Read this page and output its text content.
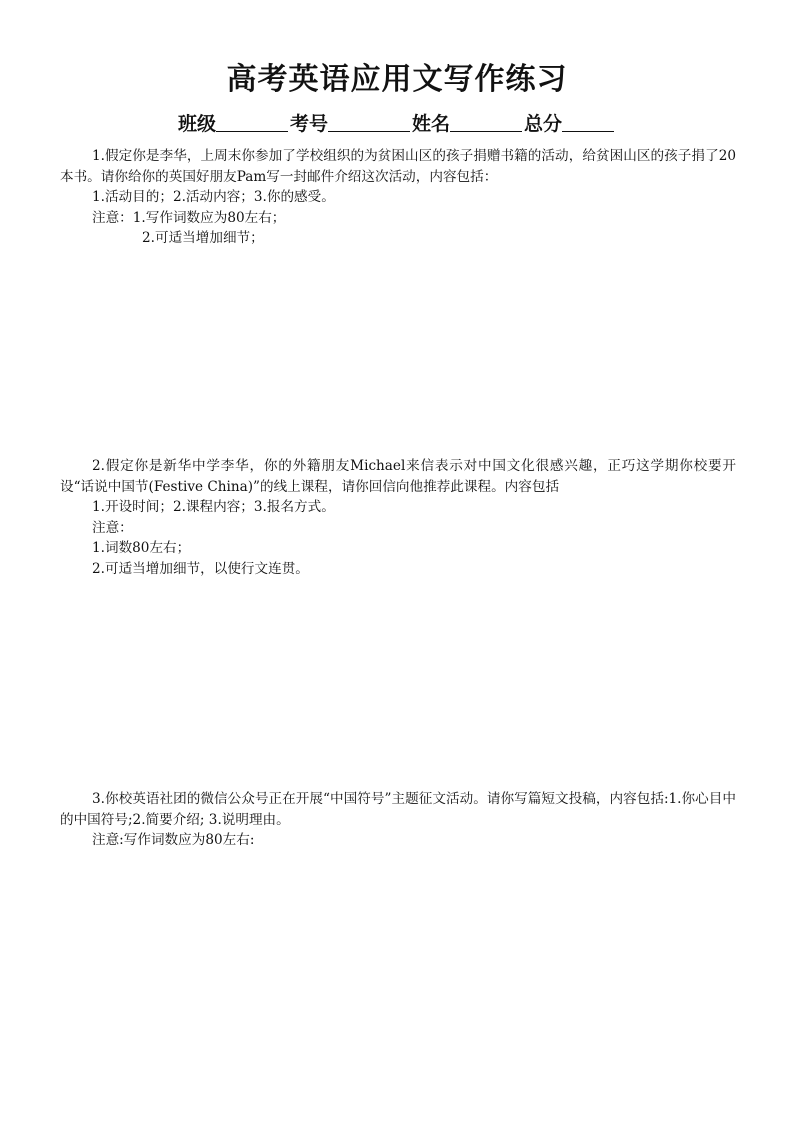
高考英语应用文写作练习
班级	考号	姓名	总分

1.假定你是李华，上周末你参加了学校组织的为贫困山区的孩子捐赠书籍的活动，给贫困山区的孩子捐了20本书。请你给你的英国好朋友Pam写一封邮件介绍这次活动，内容包括：

1.活动目的；2.活动内容；3.你的感受。

注意：1.写作词数应为80左右；

2.可适当增加细节；

2.假定你是新华中学李华，你的外籍朋友Michael来信表示对中国文化很感兴趣，正巧这学期你校要开设“话说中国节(Festive China)”的线上课程，请你回信向他推荐此课程。内容包括

1.开设时间；2.课程内容；3.报名方式。

注意：

1.词数80左右；

2.可适当增加细节，以使行文连贯。

3.你校英语社团的微信公众号正在开展“中国符号”主题征文活动。请你写篇短文投稿，内容包括:1.你心目中的中国符号;2.简要介绍; 3.说明理由。

注意:写作词数应为80左右:
